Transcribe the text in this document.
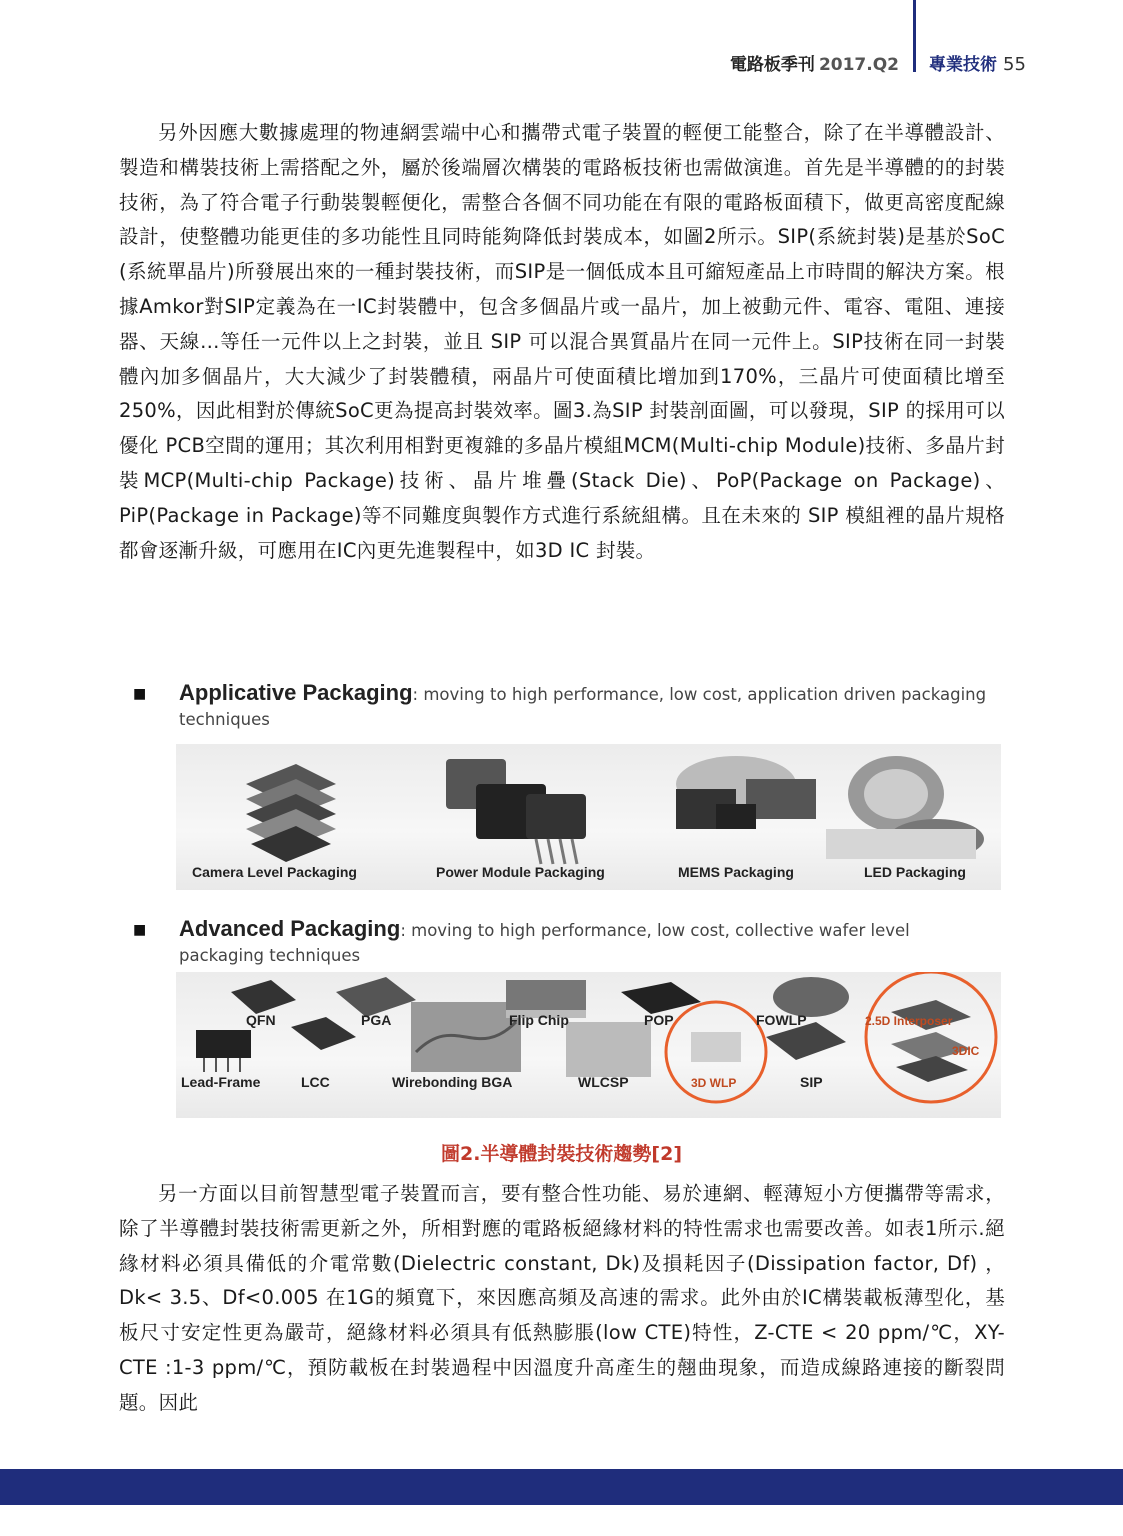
電路板季刊 2017.Q2 專業技術 55

另外因應大數據處理的物連網雲端中心和攜帶式電子裝置的輕便工能整合，除了在半導體設計、製造和構裝技術上需搭配之外，屬於後端層次構裝的電路板技術也需做演進。首先是半導體的的封裝技術，為了符合電子行動裝製輕便化，需整合各個不同功能在有限的電路板面積下，做更高密度配線設計，使整體功能更佳的多功能性且同時能夠降低封裝成本，如圖2所示。SIP(系統封裝)是基於SoC (系統單晶片)所發展出來的一種封裝技術，而SIP是一個低成本且可縮短產品上市時間的解決方案。根據Amkor對SIP定義為在一IC封裝體中，包含多個晶片或一晶片，加上被動元件、電容、電阻、連接器、天線…等任一元件以上之封裝，並且 SIP 可以混合異質晶片在同一元件上。SIP技術在同一封裝體內加多個晶片，大大減少了封裝體積，兩晶片可使面積比增加到170%，三晶片可使面積比增至250%，因此相對於傳統SoC更為提高封裝效率。圖3.為SIP 封裝剖面圖，可以發現，SIP 的採用可以優化 PCB空間的運用；其次利用相對更複雜的多晶片模組MCM(Multi-chip Module)技術、多晶片封裝MCP(Multi-chip Package)技術、晶片堆疊(Stack Die)、PoP(Package on Package)、PiP(Package in Package)等不同難度與製作方式進行系統組構。且在未來的 SIP 模組裡的晶片規格都會逐漸升級，可應用在IC內更先進製程中，如3D IC 封裝。

■ Applicative Packaging: moving to high performance, low cost, application driven packaging techniques
Camera Level Packaging	Power Module Packaging	MEMS Packaging	LED Packaging
■ Advanced Packaging: moving to high performance, low cost, collective wafer level packaging techniques
QFN	PGA	Flip Chip	POP	FOWLP	2.5D Interposer
Lead-Frame	LCC	Wirebonding BGA	WLCSP	3D WLP	SIP
3DIC
圖2.半導體封裝技術趨勢[2]

另一方面以目前智慧型電子裝置而言，要有整合性功能、易於連網、輕薄短小方便攜帶等需求，除了半導體封裝技術需更新之外，所相對應的電路板絕緣材料的特性需求也需要改善。如表1所示.絕緣材料必須具備低的介電常數(Dielectric constant, Dk)及損耗因子(Dissipation factor, Df) ，Dk< 3.5、Df<0.005 在1G的頻寬下，來因應高頻及高速的需求。此外由於IC構裝載板薄型化，基板尺寸安定性更為嚴苛，絕緣材料必須具有低熱膨脹(low CTE)特性，Z-CTE < 20 ppm/℃，XY-CTE :1-3 ppm/℃，預防載板在封裝過程中因溫度升高產生的翹曲現象，而造成線路連接的斷裂問題。因此
